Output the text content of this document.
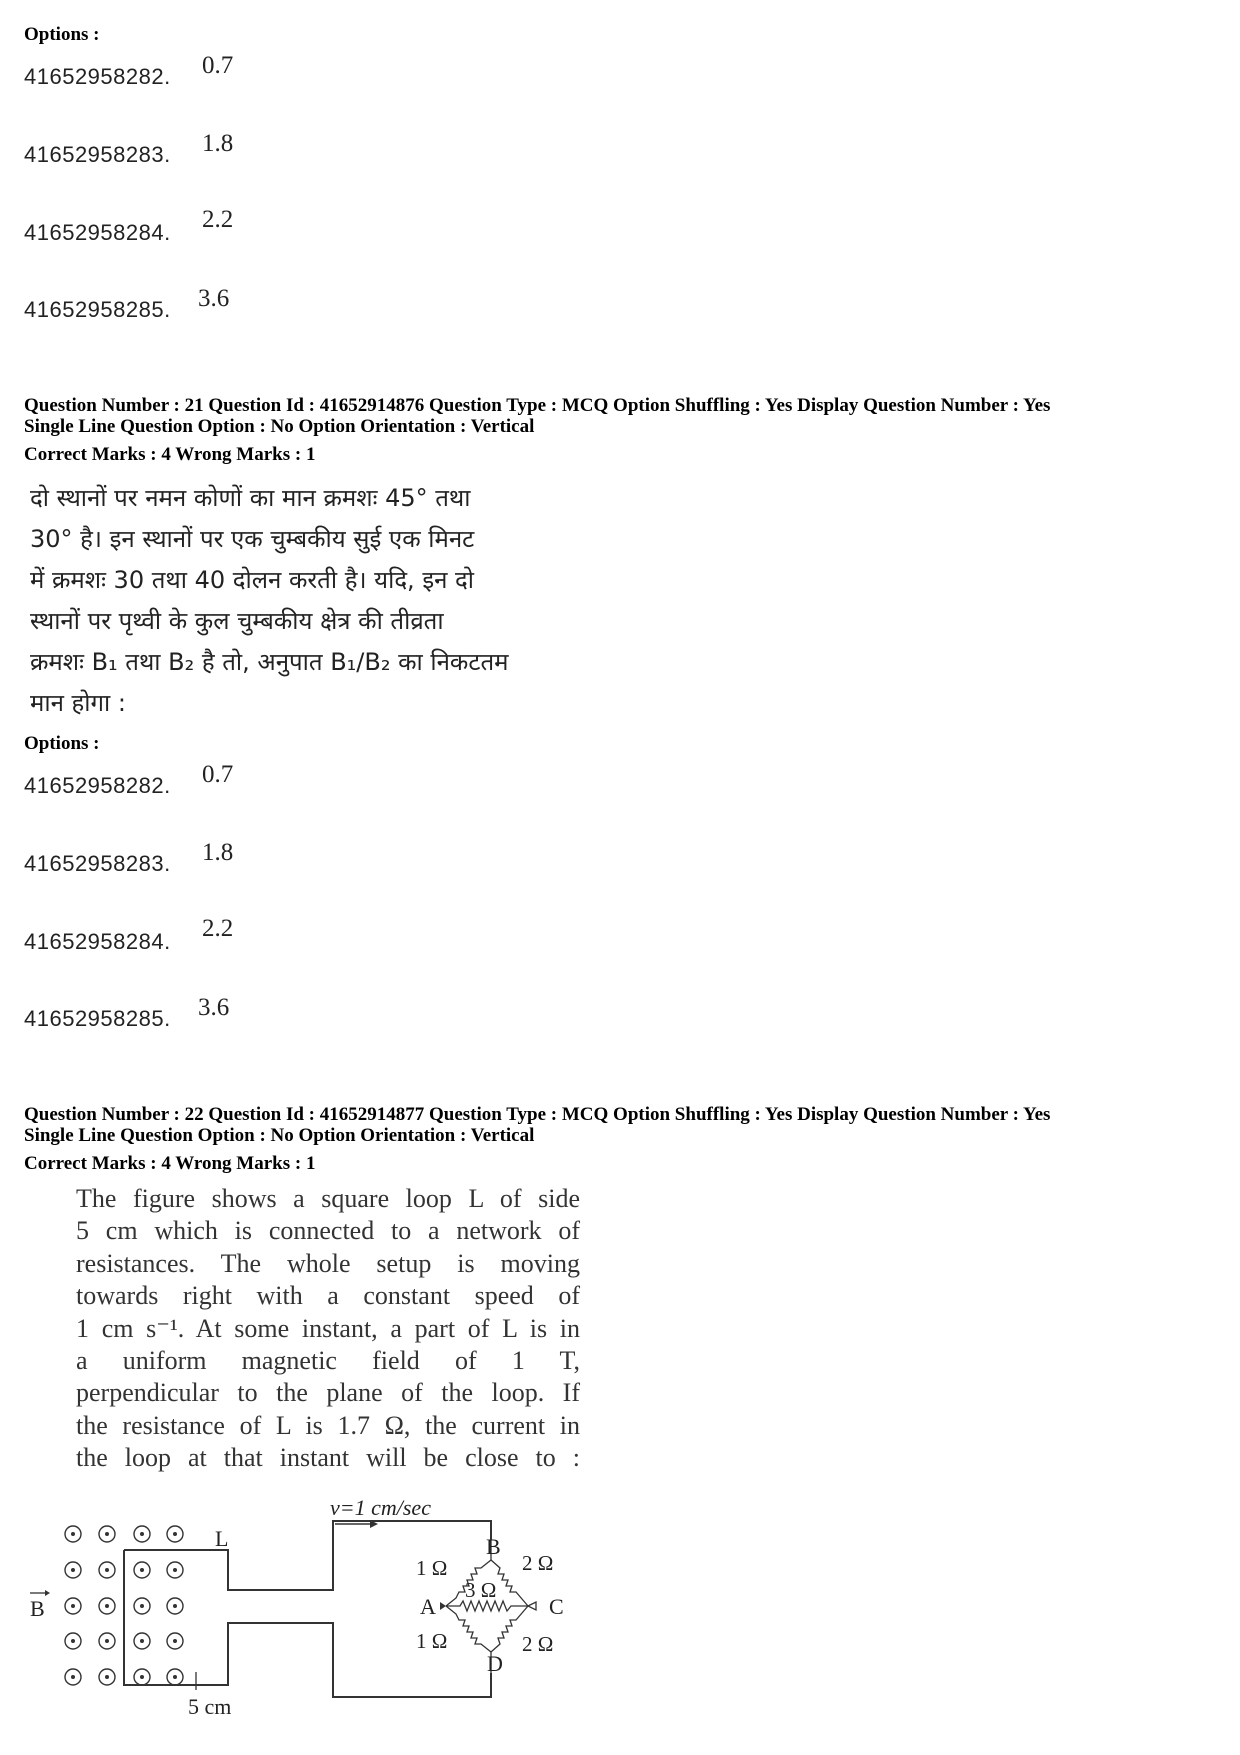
Options :
41652958282. 0.7
41652958283. 1.8
41652958284. 2.2
41652958285. 3.6
Question Number : 21 Question Id : 41652914876 Question Type : MCQ Option Shuffling : Yes Display Question Number : Yes
Single Line Question Option : No Option Orientation : Vertical
Correct Marks : 4 Wrong Marks : 1
दो स्थानों पर नमन कोणों का मान क्रमशः 45° तथा
30° है। इन स्थानों पर एक चुम्बकीय सुई एक मिनट
में क्रमशः 30 तथा 40 दोलन करती है। यदि, इन दो
स्थानों पर पृथ्वी के कुल चुम्बकीय क्षेत्र की तीव्रता
क्रमशः B₁ तथा B₂ है तो, अनुपात B₁/B₂ का निकटतम
मान होगा :
Options :
41652958282. 0.7
41652958283. 1.8
41652958284. 2.2
41652958285. 3.6
Question Number : 22 Question Id : 41652914877 Question Type : MCQ Option Shuffling : Yes Display Question Number : Yes
Single Line Question Option : No Option Orientation : Vertical
Correct Marks : 4 Wrong Marks : 1
The figure shows a square loop L of side
5 cm which is connected to a network of
resistances. The whole setup is moving
towards right with a constant speed of
1 cm s⁻¹. At some instant, a part of L is in
a uniform magnetic field of 1 T,
perpendicular to the plane of the loop. If
the resistance of L is 1.7 Ω, the current in
the loop at that instant will be close to :
B
L
5 cm
v=1 cm/sec
B
A	C
D
1 Ω	2 Ω
3 Ω
1 Ω	2 Ω
